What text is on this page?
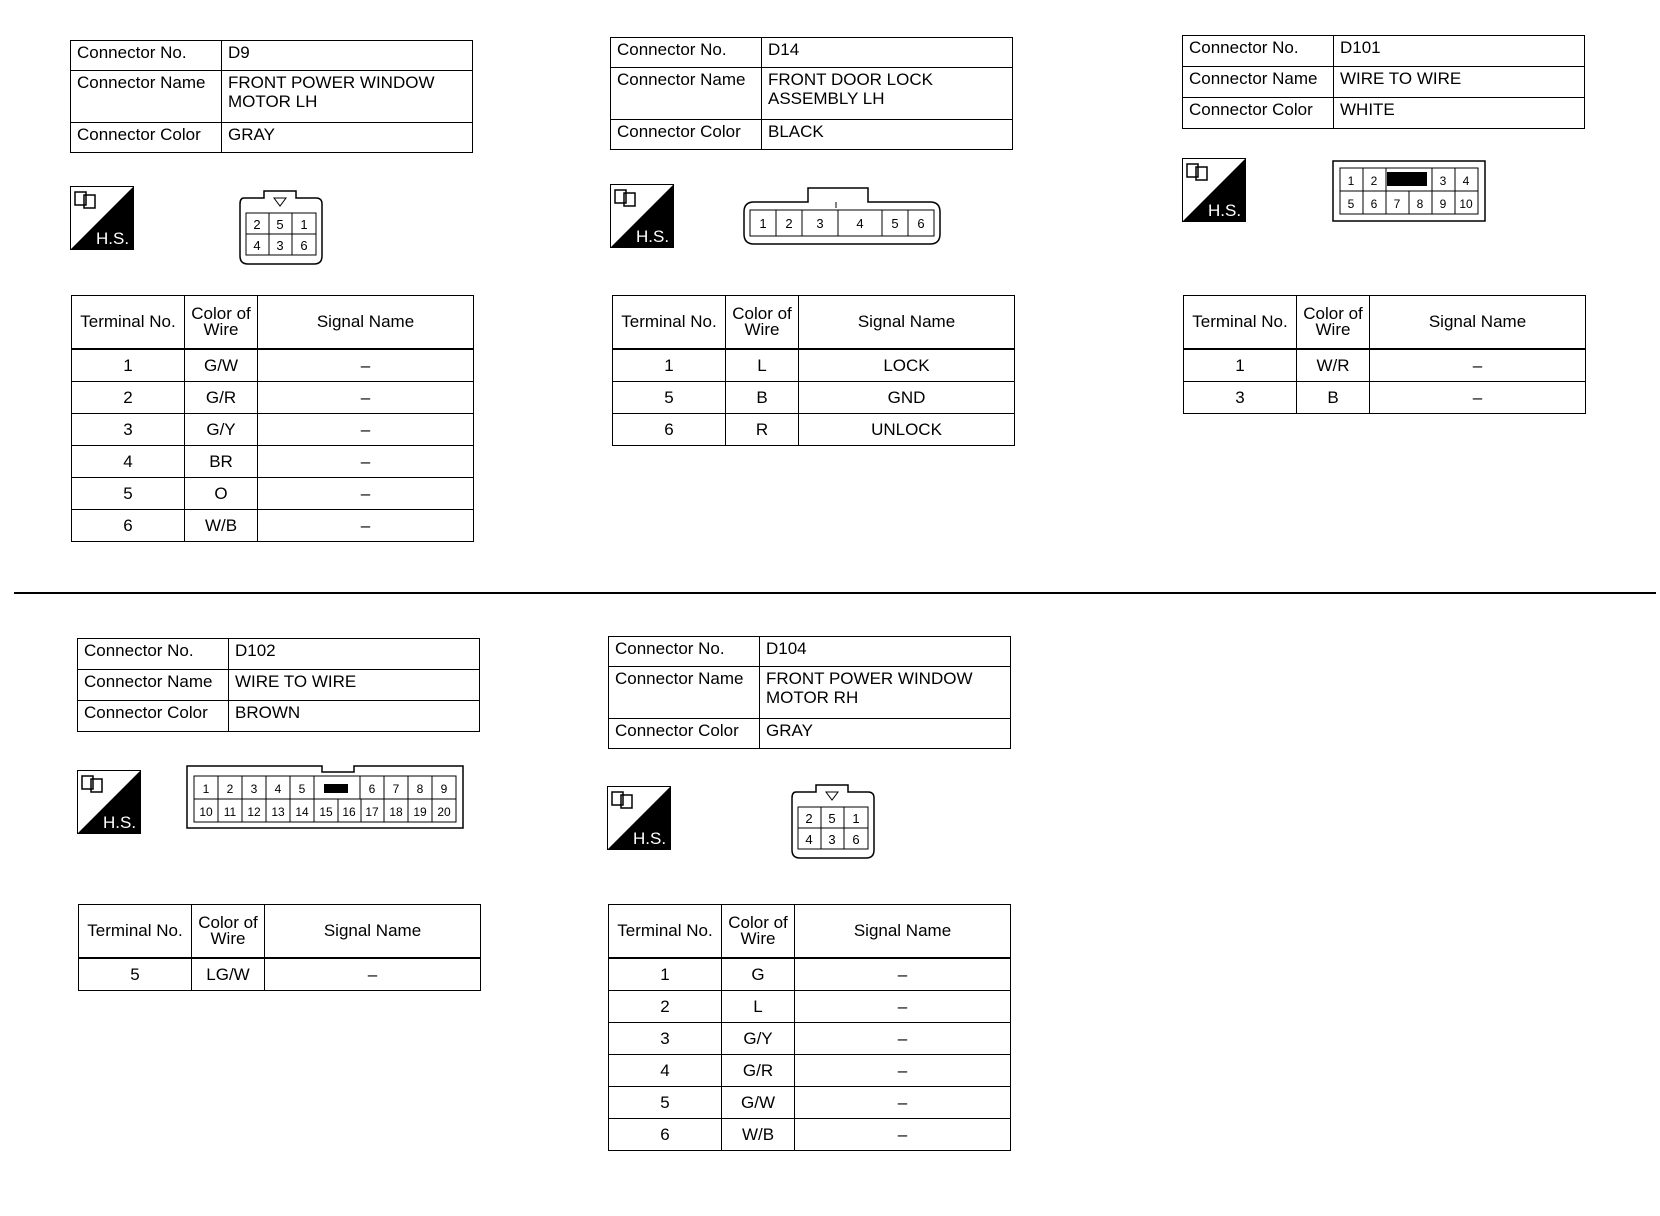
Connector No.	D9
Connector Name	FRONT POWER WINDOW MOTOR LH
Connector Color	GRAY
H.S.
2 5 1
4 3 6
Terminal No.	Color of Wire	Signal Name
1	G/W	–
2	G/R	–
3	G/Y	–
4	BR	–
5	O	–
6	W/B	–
Connector No.	D14
Connector Name	FRONT DOOR LOCK ASSEMBLY LH
Connector Color	BLACK
H.S.
1 2 3	4 5 6
Terminal No.	Color of Wire	Signal Name
1	L	LOCK
5	B	GND
6	R	UNLOCK
Connector No.	D101
Connector Name	WIRE TO WIRE
Connector Color	WHITE
H.S.
1 2	3 4
5 6 7 8 9 10
Terminal No.	Color of Wire	Signal Name
1	W/R	–
3	B	–
Connector No.	D102
Connector Name	WIRE TO WIRE
Connector Color	BROWN
H.S.
1 2 3 4 5	6 7 8 9
10 11 12 13 14 15 16 17 18 19 20
Terminal No.	Color of Wire	Signal Name
5	LG/W	–
Connector No.	D104
Connector Name	FRONT POWER WINDOW MOTOR RH
Connector Color	GRAY
H.S.
2 5 1
4 3 6
Terminal No.	Color of Wire	Signal Name
1	G	–
2	L	–
3	G/Y	–
4	G/R	–
5	G/W	–
6	W/B	–
